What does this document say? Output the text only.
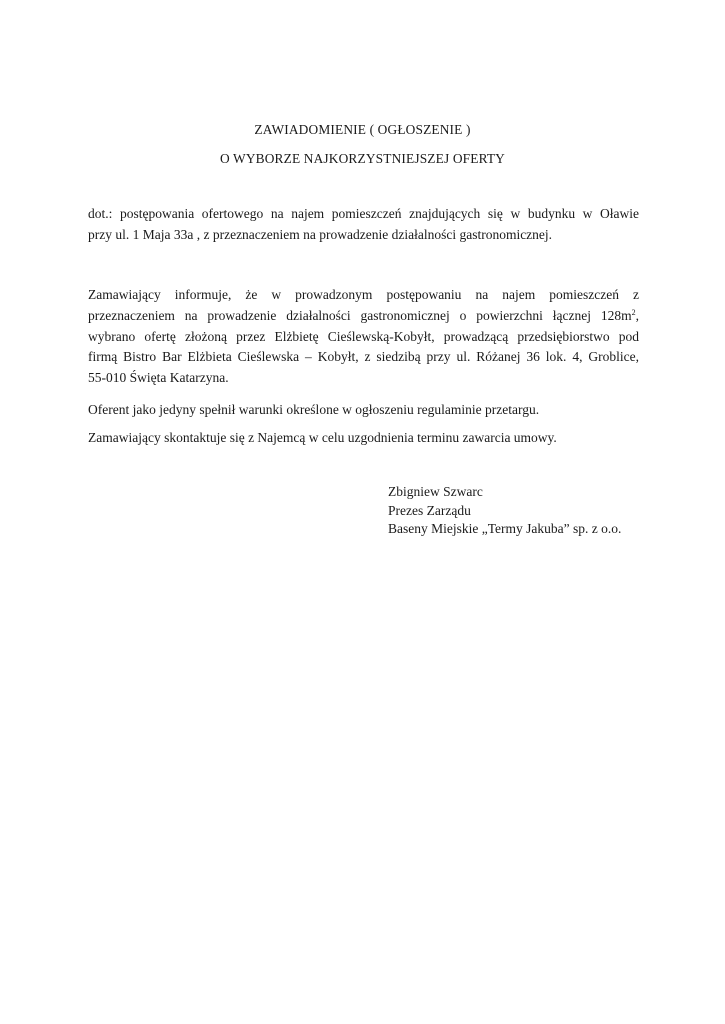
ZAWIADOMIENIE ( OGŁOSZENIE )
O WYBORZE NAJKORZYSTNIEJSZEJ OFERTY
dot.: postępowania ofertowego na najem pomieszczeń znajdujących się w budynku w Oławie
przy ul. 1 Maja 33a , z przeznaczeniem na prowadzenie działalności gastronomicznej.
Zamawiający informuje, że w prowadzonym postępowaniu na najem pomieszczeń z
przeznaczeniem na prowadzenie działalności gastronomicznej o powierzchni łącznej $128m^2$,
wybrano ofertę złożoną przez Elżbietę Cieślewską-Kobyłt, prowadzącą przedsiębiorstwo pod
firmą Bistro Bar Elżbieta Cieślewska – Kobyłt, z siedzibą przy ul. Różanej 36 lok. 4, Groblice,
55-010 Święta Katarzyna.
Oferent jako jedyny spełnił warunki określone w ogłoszeniu regulaminie przetargu.
Zamawiający skontaktuje się z Najemcą w celu uzgodnienia terminu zawarcia umowy.
Zbigniew Szwarc
Prezes Zarządu
Baseny Miejskie „Termy Jakuba” sp. z o.o.
